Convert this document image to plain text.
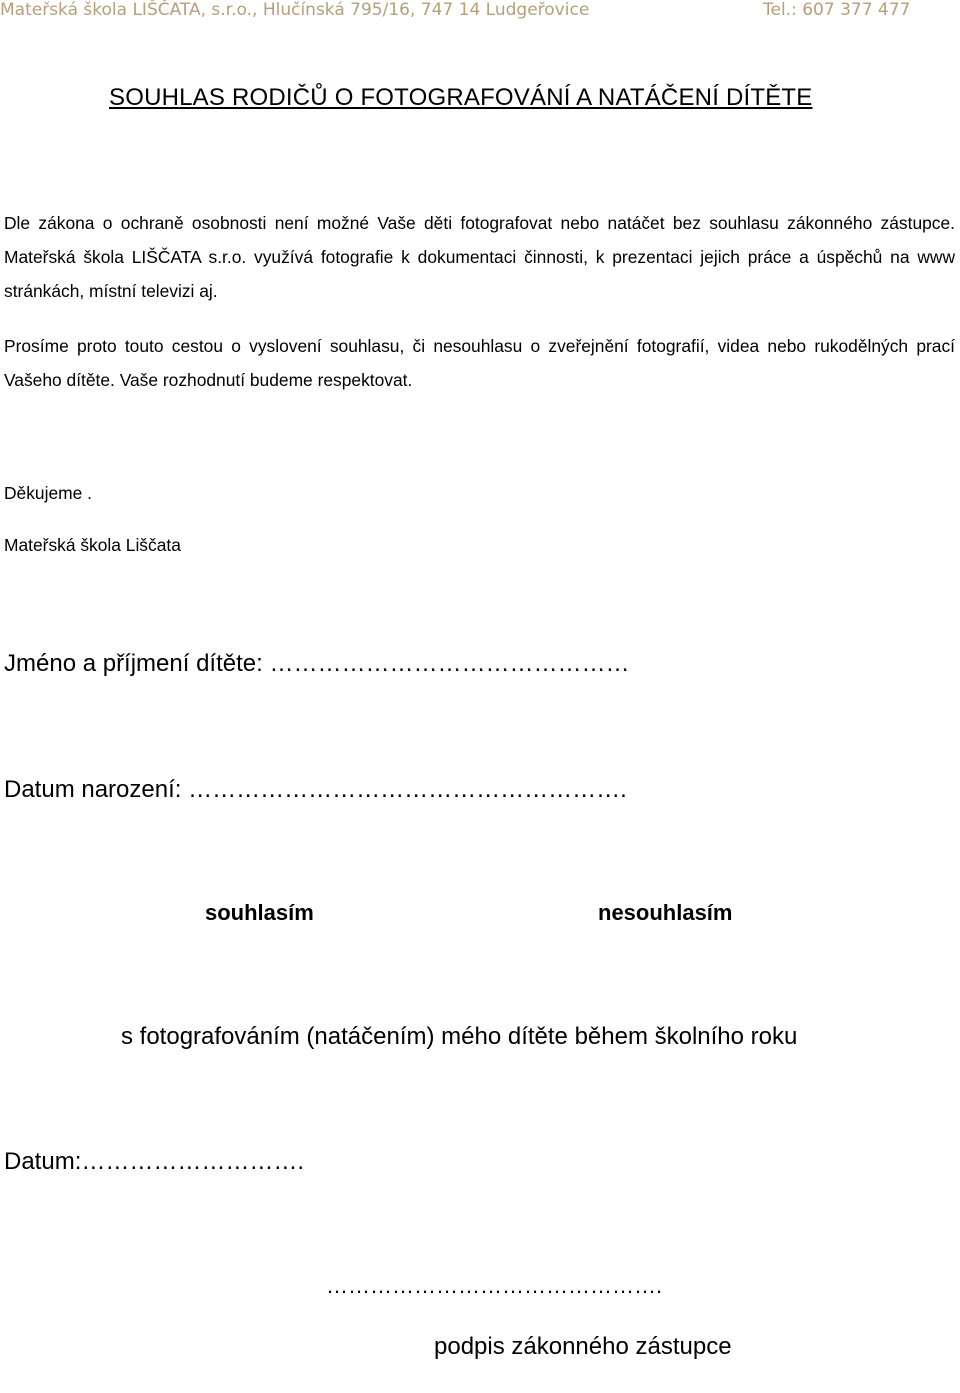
Mateřská škola LIŠČATA, s.r.o., Hlučínská 795/16, 747 14 Ludgeřovice	Tel.: 607 377 477
SOUHLAS RODIČŮ O FOTOGRAFOVÁNÍ A NATÁČENÍ DÍTĚTE
Dle zákona o ochraně osobnosti není možné Vaše děti fotografovat nebo natáčet bez souhlasu zákonného zástupce. Mateřská škola LIŠČATA s.r.o. využívá fotografie k dokumentaci činnosti, k prezentaci jejich práce a úspěchů na www stránkách, místní televizi aj.
Prosíme proto touto cestou o vyslovení souhlasu, či nesouhlasu o zveřejnění fotografií, videa nebo rukodělných prací Vašeho dítěte. Vaše rozhodnutí budeme respektovat.
Děkujeme .
Mateřská škola Liščata
Jméno a příjmení dítěte: ………………………………………
Datum narození: ……………………………………………….
souhlasím	nesouhlasím
s fotografováním (natáčením) mého dítěte během školního roku
Datum:……………………….
……………………………………….
podpis zákonného zástupce
